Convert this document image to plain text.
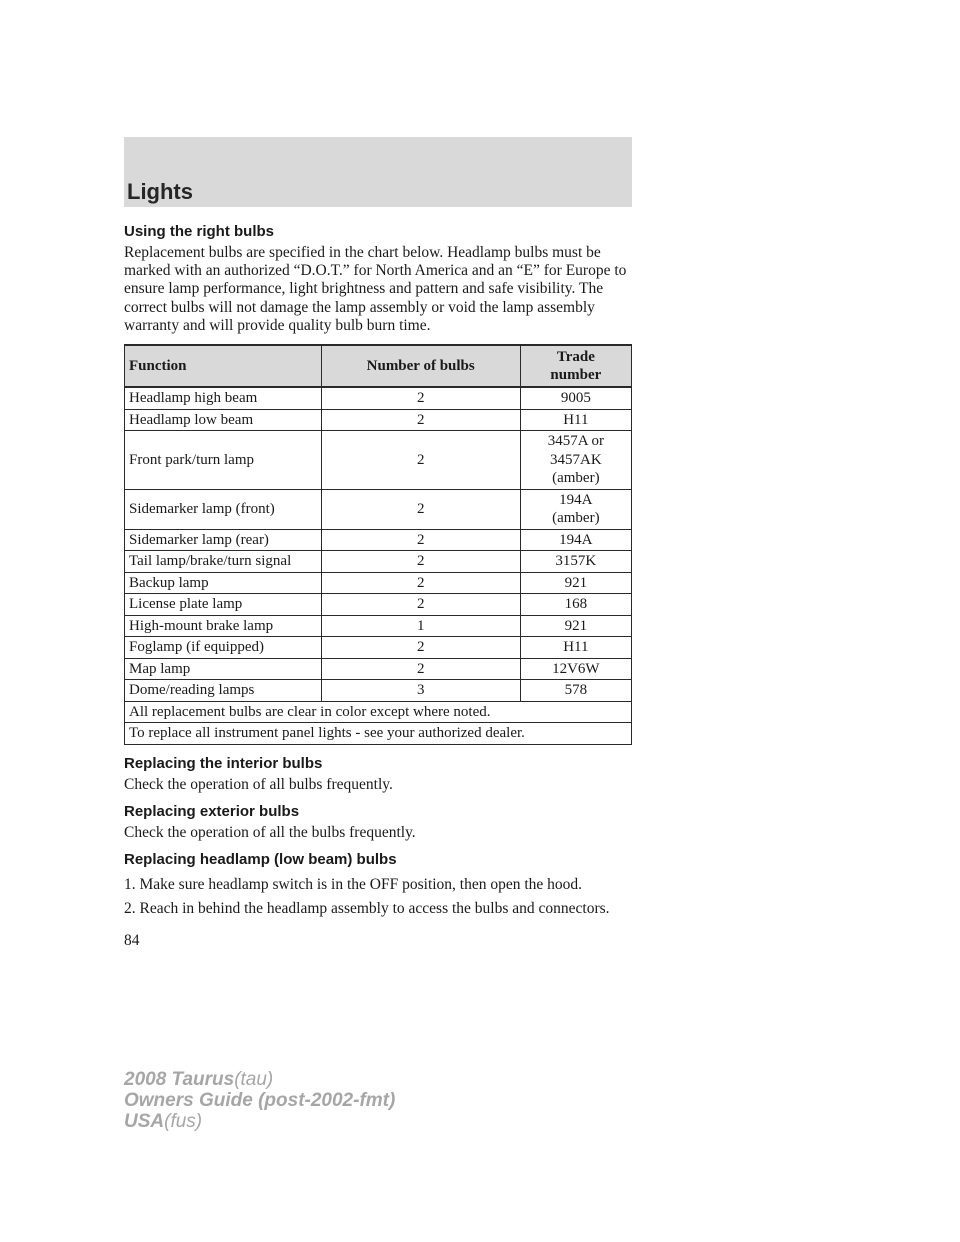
Lights
Using the right bulbs

Replacement bulbs are specified in the chart below. Headlamp bulbs must be marked with an authorized “D.O.T.” for North America and an “E” for Europe to ensure lamp performance, light brightness and pattern and safe visibility. The correct bulbs will not damage the lamp assembly or void the lamp assembly warranty and will provide quality bulb burn time.

Function	Number of bulbs	Trade
number
Headlamp high beam	2	9005
Headlamp low beam	2	H11
Front park/turn lamp	2	3457A or
3457AK
(amber)
Sidemarker lamp (front)	2	194A
(amber)
Sidemarker lamp (rear)	2	194A
Tail lamp/brake/turn signal	2	3157K
Backup lamp	2	921
License plate lamp	2	168
High-mount brake lamp	1	921
Foglamp (if equipped)	2	H11
Map lamp	2	12V6W
Dome/reading lamps	3	578
All replacement bulbs are clear in color except where noted.		
To replace all instrument panel lights - see your authorized dealer.		
Replacing the interior bulbs

Check the operation of all bulbs frequently.

Replacing exterior bulbs

Check the operation of all the bulbs frequently.

Replacing headlamp (low beam) bulbs

1. Make sure headlamp switch is in the OFF position, then open the hood.

2. Reach in behind the headlamp assembly to access the bulbs and connectors.

84
2008 Taurus(tau)
Owners Guide (post-2002-fmt)
USA(fus)
